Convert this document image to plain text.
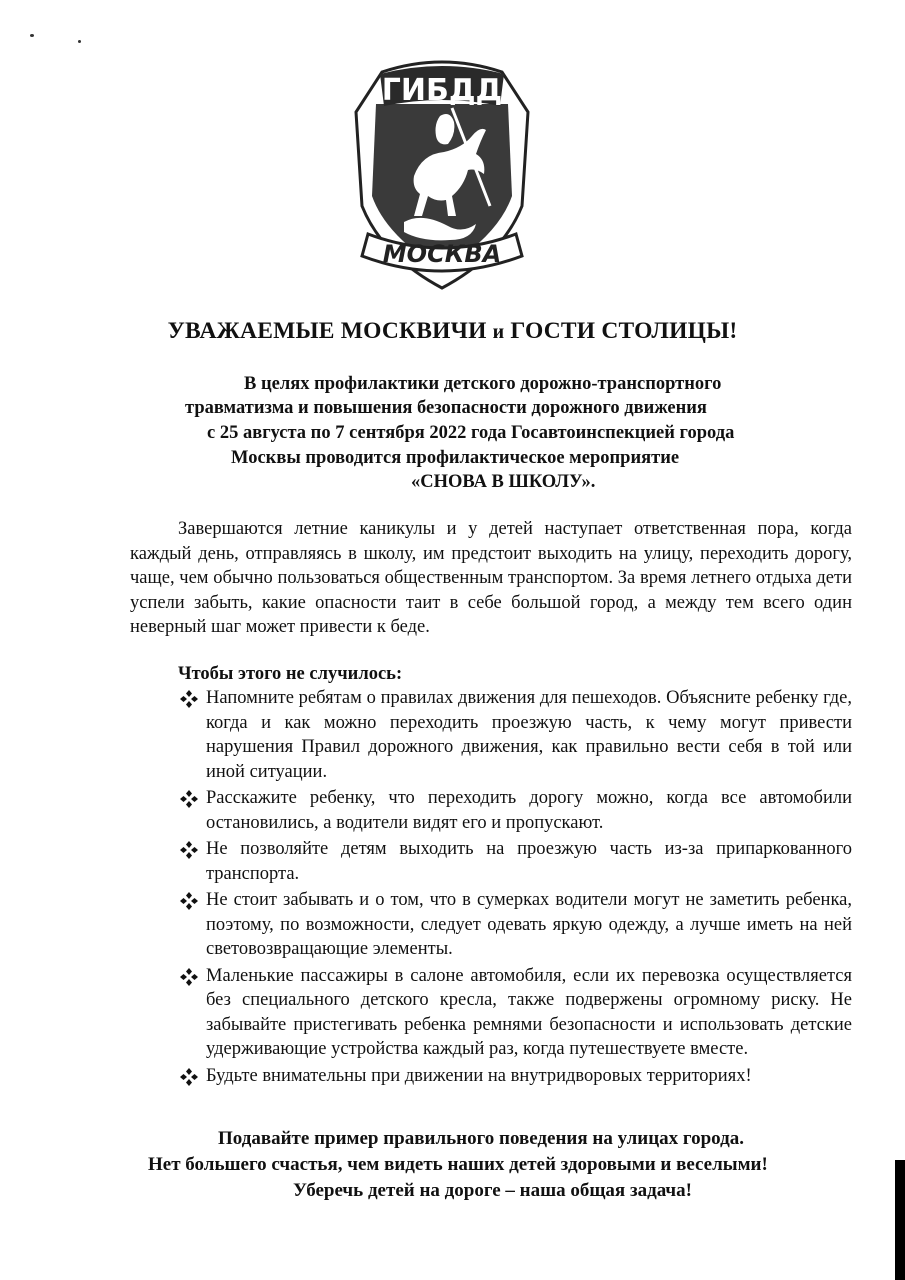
ГИБДД
МОСКВА
УВАЖАЕМЫЕ МОСКВИЧИ и ГОСТИ СТОЛИЦЫ!
В целях профилактики детского дорожно-транспортного
травматизма и повышения безопасности дорожного движения
с 25 августа по 7 сентября 2022 года Госавтоинспекцией города
Москвы проводится профилактическое мероприятие
«СНОВА В ШКОЛУ».

Завершаются летние каникулы и у детей наступает ответственная пора, когда каждый день, отправляясь в школу, им предстоит выходить на улицу, переходить дорогу, чаще, чем обычно пользоваться общественным транспортом. За время летнего отдыха дети успели забыть, какие опасности таит в себе большой город, а между тем всего один неверный шаг может привести к беде.

Чтобы этого не случилось:
Напомните ребятам о правилах движения для пешеходов. Объясните ребенку где, когда и как можно переходить проезжую часть, к чему могут привести нарушения Правил дорожного движения, как правильно вести себя в той или иной ситуации.
Расскажите ребенку, что переходить дорогу можно, когда все автомобили остановились, а водители видят его и пропускают.
Не позволяйте детям выходить на проезжую часть из-за припаркованного транспорта.
Не стоит забывать и о том, что в сумерках водители могут не заметить ребенка, поэтому, по возможности, следует одевать яркую одежду, а лучше иметь на ней световозвращающие элементы.
Маленькие пассажиры в салоне автомобиля, если их перевозка осуществляется без специального детского кресла, также подвержены огромному риску. Не забывайте пристегивать ребенка ремнями безопасности и использовать детские удерживающие устройства каждый раз, когда путешествуете вместе.
Будьте внимательны при движении на внутридворовых территориях!
Подавайте пример правильного поведения на улицах города.
Нет большего счастья, чем видеть наших детей здоровыми и веселыми!
Уберечь детей на дороге – наша общая задача!
